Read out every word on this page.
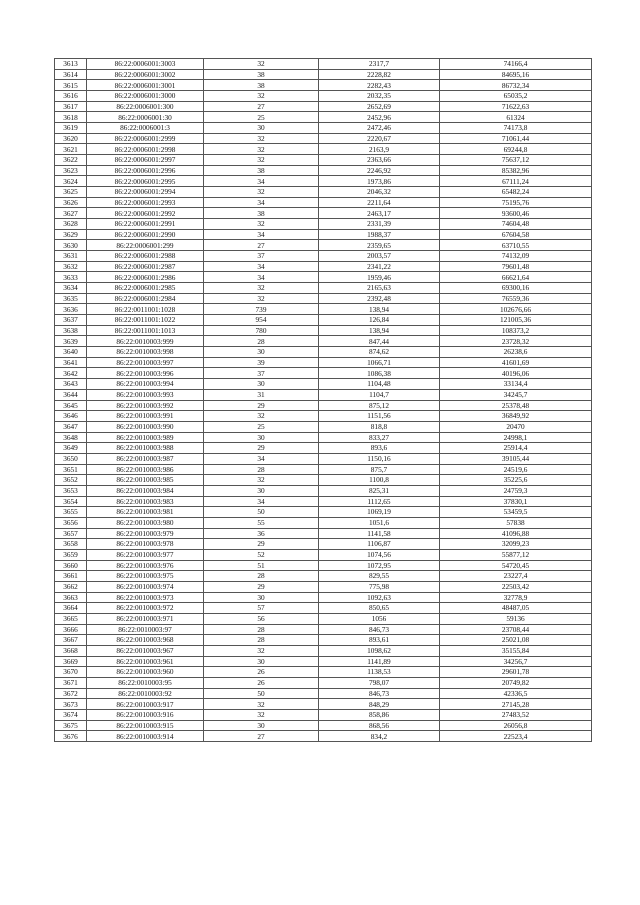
3613	86:22:0006001:3003	32	2317,7	74166,4
3614	86:22:0006001:3002	38	2228,82	84695,16
3615	86:22:0006001:3001	38	2282,43	86732,34
3616	86:22:0006001:3000	32	2032,35	65035,2
3617	86:22:0006001:300	27	2652,69	71622,63
3618	86:22:0006001:30	25	2452,96	61324
3619	86:22:0006001:3	30	2472,46	74173,8
3620	86:22:0006001:2999	32	2220,67	71061,44
3621	86:22:0006001:2998	32	2163,9	69244,8
3622	86:22:0006001:2997	32	2363,66	75637,12
3623	86:22:0006001:2996	38	2246,92	85382,96
3624	86:22:0006001:2995	34	1973,86	67111,24
3625	86:22:0006001:2994	32	2046,32	65482,24
3626	86:22:0006001:2993	34	2211,64	75195,76
3627	86:22:0006001:2992	38	2463,17	93600,46
3628	86:22:0006001:2991	32	2331,39	74604,48
3629	86:22:0006001:2990	34	1988,37	67604,58
3630	86:22:0006001:299	27	2359,65	63710,55
3631	86:22:0006001:2988	37	2003,57	74132,09
3632	86:22:0006001:2987	34	2341,22	79601,48
3633	86:22:0006001:2986	34	1959,46	66621,64
3634	86:22:0006001:2985	32	2165,63	69300,16
3635	86:22:0006001:2984	32	2392,48	76559,36
3636	86:22:0011001:1028	739	138,94	102676,66
3637	86:22:0011001:1022	954	126,84	121005,36
3638	86:22:0011001:1013	780	138,94	108373,2
3639	86:22:0010003:999	28	847,44	23728,32
3640	86:22:0010003:998	30	874,62	26238,6
3641	86:22:0010003:997	39	1066,71	41601,69
3642	86:22:0010003:996	37	1086,38	40196,06
3643	86:22:0010003:994	30	1104,48	33134,4
3644	86:22:0010003:993	31	1104,7	34245,7
3645	86:22:0010003:992	29	875,12	25378,48
3646	86:22:0010003:991	32	1151,56	36849,92
3647	86:22:0010003:990	25	818,8	20470
3648	86:22:0010003:989	30	833,27	24998,1
3649	86:22:0010003:988	29	893,6	25914,4
3650	86:22:0010003:987	34	1150,16	39105,44
3651	86:22:0010003:986	28	875,7	24519,6
3652	86:22:0010003:985	32	1100,8	35225,6
3653	86:22:0010003:984	30	825,31	24759,3
3654	86:22:0010003:983	34	1112,65	37830,1
3655	86:22:0010003:981	50	1069,19	53459,5
3656	86:22:0010003:980	55	1051,6	57838
3657	86:22:0010003:979	36	1141,58	41096,88
3658	86:22:0010003:978	29	1106,87	32099,23
3659	86:22:0010003:977	52	1074,56	55877,12
3660	86:22:0010003:976	51	1072,95	54720,45
3661	86:22:0010003:975	28	829,55	23227,4
3662	86:22:0010003:974	29	775,98	22503,42
3663	86:22:0010003:973	30	1092,63	32778,9
3664	86:22:0010003:972	57	850,65	48487,05
3665	86:22:0010003:971	56	1056	59136
3666	86:22:0010003:97	28	846,73	23708,44
3667	86:22:0010003:968	28	893,61	25021,08
3668	86:22:0010003:967	32	1098,62	35155,84
3669	86:22:0010003:961	30	1141,89	34256,7
3670	86:22:0010003:960	26	1138,53	29601,78
3671	86:22:0010003:95	26	798,07	20749,82
3672	86:22:0010003:92	50	846,73	42336,5
3673	86:22:0010003:917	32	848,29	27145,28
3674	86:22:0010003:916	32	858,86	27483,52
3675	86:22:0010003:915	30	868,56	26056,8
3676	86:22:0010003:914	27	834,2	22523,4
